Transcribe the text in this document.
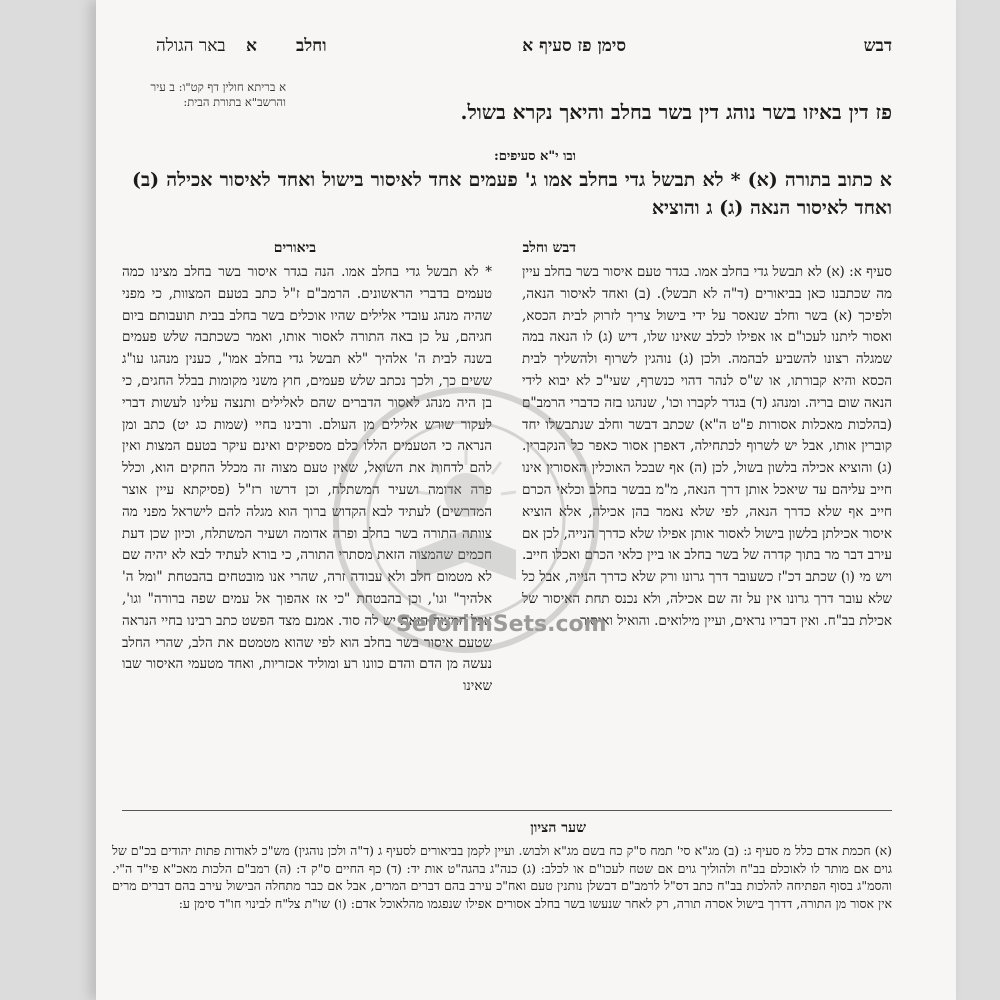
דבש
סימן פז סעיף א
א וחלב
באר הגולה
א בריתא חולין דף קט"ו: ב עיר והרשב"א בתורת הבית:	פז דין באיזו בשר נוהג דין בשר בחלב והיאך נקרא בשול.
ובו י"א סעיפים:
א כתוב בתורה (א) * לא תבשל גדי בחלב אמו ג' פעמים אחד לאיסור בישול ואחד לאיסור אכילה (ב) ואחד לאיסור הנאה (ג) ג והוציא
דבש וחלב
ביאורים
סעיף א: (א) לא תבשל גדי בחלב אמו. בגדר טעם איסור בשר בחלב עיין מה שכתבנו כאן בביאורים (ד"ה לא תבשל). (ב) ואחד לאיסור הנאה, ולפיכך (א) בשר וחלב שנאסר על ידי בישול צריך לזרוק לבית הכסא, ואסור ליתנו לעכו"ם או אפילו לכלב שאינו שלו, דיש (ג) לו הנאה במה שמגלה רצונו להשביע לבהמה. ולכן (ג) נוהגין לשרוף ולהשליך לבית הכסא והיא קבורתו, או ש"ס לנהר דהוי כנשרף, שעי"כ לא יבוא לידי הנאה שום בריה. ומנהג (ד) בגדר לקברו וכו', שנהגו בזה כדברי הרמב"ם (בהלכות מאכלות אסורות פ"ט ה"א) שכתב דבשר וחלב שנתבשלו יחד קוברין אותו, אבל יש לשרוף לכתחילה, דאפרן אסור כאפר כל הנקברין. (ג) והוציא אכילה בלשון בשול, לכן (ה) אף שבכל האוכלין האסורין אינו חייב עליהם עד שיאכל אותן דרך הנאה, מ"מ בבשר בחלב וכלאי הכרם חייב אף שלא כדרך הנאה, לפי שלא נאמר בהן אכילה, אלא הוציא איסור אכילתן בלשון בישול לאסור אותן אפילו שלא כדרך הנייה, לכן אם עירב דבר מר בתוך קדרה של בשר בחלב או ביין כלאי הכרם ואכלו חייב. ויש מי (ו) שכתב דכ"ז כשעובר דרך גרונו ורק שלא כדרך הנייה, אבל כל שלא עובר דרך גרונו אין על זה שם אכילה, ולא נכנס תחת האיסור של אכילת בב"ח. ואין דבריו נראים, ועיין מילואים. והואיל ואיסור
* לא תבשל גדי בחלב אמו. הנה בגדר איסור בשר בחלב מצינו כמה טעמים בדברי הראשונים. הרמב"ם ז"ל כתב בטעם המצוות, כי מפני שהיה מנהג עובדי אלילים שהיו אוכלים בשר בחלב בבית תועבותם ביום חגיהם, על כן באה התורה לאסור אותו, ואמר כשכתבה שלש פעמים בשנה לבית ה' אלהיך "לא תבשל גדי בחלב אמו", כענין מנהגו עו"ג ששים כך, ולכך נכתב שלש פעמים, חוץ משני מקומות בבלל החגים, כי בן היה מנהג לאסור הדברים שהם לאלילים ותנצה עלינו לעשות דברי לעקור שורש אלילים מן העולם. ורבינו בחיי (שמות כג יט) כתב ומן הנראה כי הטעמים הללו כלם מספיקים ואינם עיקר בטעם המצות ואין להם לדחות את השואל, שאין טעם מצוה זה מכלל החקים הוא, וכלל פרה אדומה ושעיר המשתלח, וכן דרשו רז"ל (פסיקתא עיין אוצר המדרשים) לעתיד לבא הקדוש ברוך הוא מגלה להם לישראל מפני מה צוותה התורה בשר בחלב ופרה אדומה ושעיר המשתלח, וכיון שכן דעת חכמים שהמצוה הזאת מסתרי התורה, כי בורא לעתיד לבא לא יהיה שם לא מטמום חלב ולא עבודה זרה, שהרי אנו מובטחים בהבטחת "ומל ה' אלהיך" וגו', וכן בהבטחת "כי אז אהפוך אל עמים שפה ברורה" וגו', אבל המצוה הזאת יש לה סוד. אמנם מצד הפשט כתב רבינו בחיי הנראה שטעם איסור בשר בחלב הוא לפי שהוא מטמטם את הלב, שהרי החלב נעשה מן הדם והדם כוונו רע ומוליד אכזריות, ואחד מטעמי האיסור שבו שאינו
SeforimSets.com
שער הציון
(א) חכמת אדם כלל מ סעיף ג: (ב) מג"א סי' תמח ס"ק כח בשם מג"א ולבוש. ועיין לקמן בביאורים לסעיף ג (ד"ה ולכן נוהגין) מש"כ לאודות פתות יהודים בכ"ם של גוים אם מותר לו לאוכלם בב"ח ולהוליך גוים אם שטח לעכו"ם או לכלב: (ג) כנה"ג בהגה"ט אות יד: (ד) כף החיים ס"ק ד: (ה) רמב"ם הלכות מאכ"א פי"ד ה"י. והסמ"ג בסוף הפתיחה להלכות בב"ח כתב דס"ל לרמב"ם דבשלן נותנין טעם ואח"כ עירב בהם דברים המרים, אבל אם כבר מתחלה הבישול עירב בהם דברים מרים אין אסור מן התורה, דדרך בישול אסרה תורה, רק לאחר שנעשו בשר בחלב אסורים אפילו שנפגמו מהלאוכל אדם: (ו) שו"ת צל"ח לבינוי חו"ד סימן ע:
